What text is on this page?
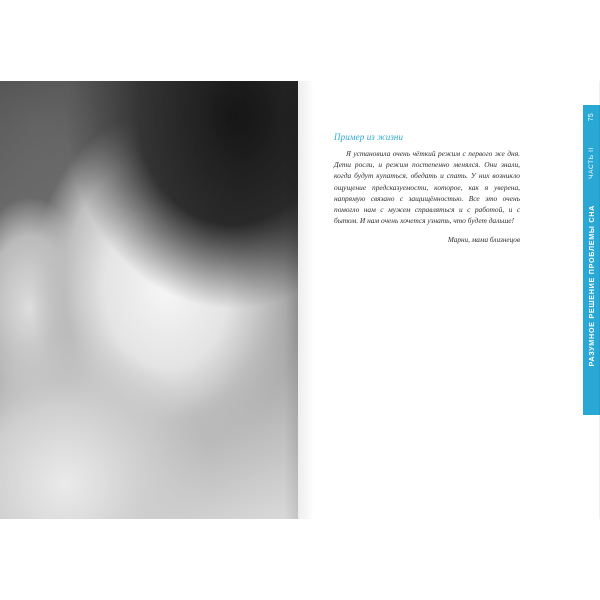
Пример из жизни

Я установила очень чёткий режим с первого же дня. Дети росли, и режим постепенно менялся. Они знали, когда будут купаться, обедать и спать. У них возникло ощущение предсказуемости, которое, как я уверена, напрямую связано с защищённостью. Все это очень помогло нам с мужем справляться и с работой, и с бытом. И нам очень хочется узнать, что будет дальше!

Марни, мама близнецов

75
ЧАСТЬ II
РАЗУМНОЕ РЕШЕНИЕ ПРОБЛЕМЫ СНА
